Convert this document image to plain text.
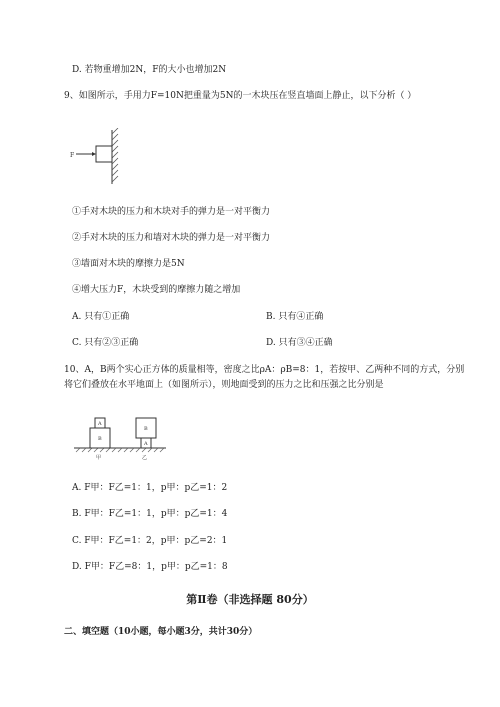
D. 若物重增加2N，F的大小也增加2N
9、如图所示，手用力F=10N把重量为5N的一木块压在竖直墙面上静止，以下分析（ ）
F
①手对木块的压力和木块对手的弹力是一对平衡力
②手对木块的压力和墙对木块的弹力是一对平衡力
③墙面对木块的摩擦力是5N
④增大压力F，木块受到的摩擦力随之增加
A. 只有①正确	B. 只有④正确
C. 只有②③正确	D. 只有③④正确
10、A，B两个实心正方体的质量相等，密度之比ρA：ρB=8：1，若按甲、乙两种不同的方式，分别
将它们叠放在水平地面上（如图所示），则地面受到的压力之比和压强之比分别是
B
A
B
A
甲	乙
A. F甲：F乙=1：1，p甲：p乙=1：2
B. F甲：F乙=1：1，p甲：p乙=1：4
C. F甲：F乙=1：2，p甲：p乙=2：1
D. F甲：F乙=8：1，p甲：p乙=1：8
第Ⅱ卷（非选择题 80分）
二、填空题（10小题，每小题3分，共计30分）
